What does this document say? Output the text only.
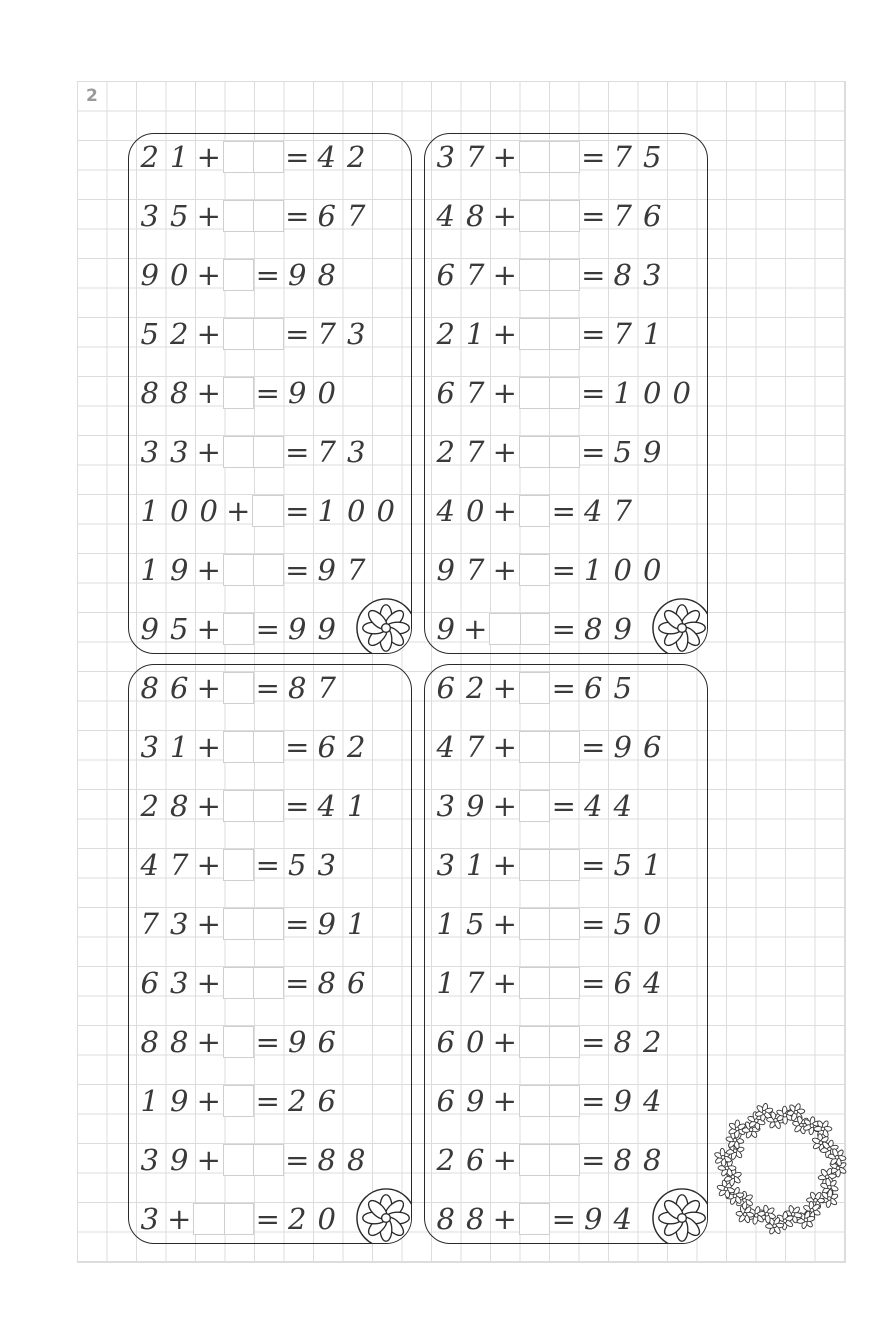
2
2 1 + = 4 2
3 5 + = 6 7
9 0 + = 9 8
5 2 + = 7 3
8 8 + = 9 0
3 3 + = 7 3
1 0 0 + = 1 0 0
1 9 + = 9 7
9 5 + = 9 9
3 7 + = 7 5
4 8 + = 7 6
6 7 + = 8 3
2 1 + = 7 1
6 7 + = 1 0 0
2 7 + = 5 9
4 0 + = 4 7
9 7 + = 1 0 0
9 + = 8 9
8 6 + = 8 7
3 1 + = 6 2
2 8 + = 4 1
4 7 + = 5 3
7 3 + = 9 1
6 3 + = 8 6
8 8 + = 9 6
1 9 + = 2 6
3 9 + = 8 8
3 + = 2 0
6 2 + = 6 5
4 7 + = 9 6
3 9 + = 4 4
3 1 + = 5 1
1 5 + = 5 0
1 7 + = 6 4
6 0 + = 8 2
6 9 + = 9 4
2 6 + = 8 8
8 8 + = 9 4
